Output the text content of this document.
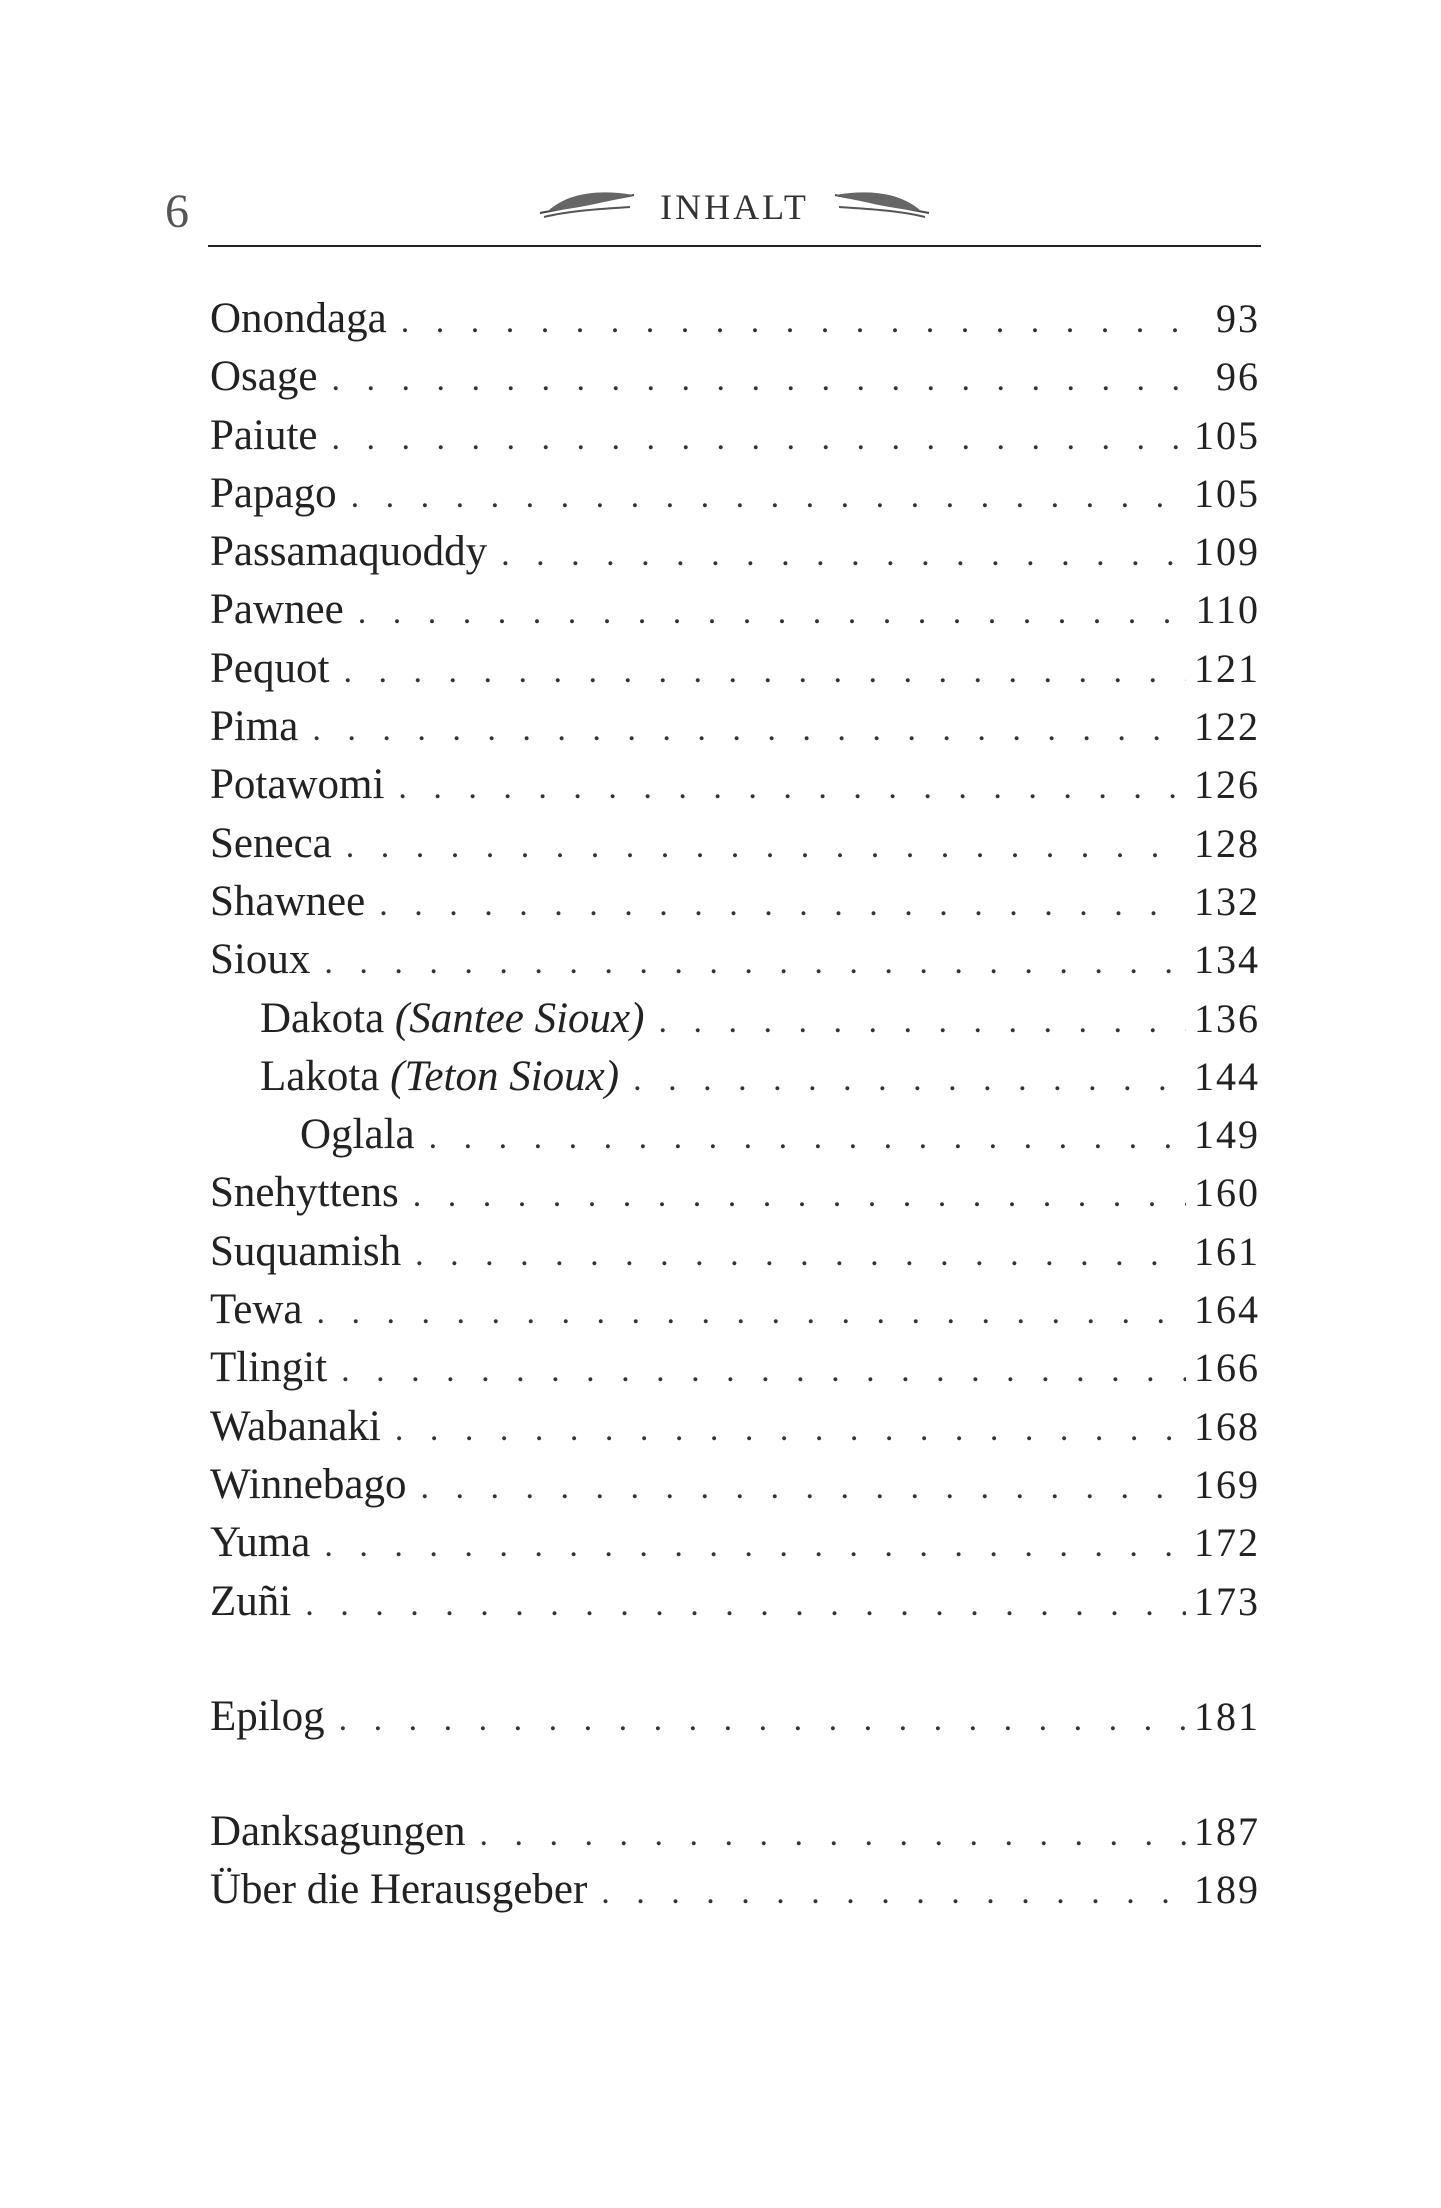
6	INHALT
Onondaga . . .	93
Osage . . .	96
Paiute . . .	105
Papago . . .	105
Passamaquoddy . . .	109
Pawnee . . .	110
Pequot . . .	121
Pima . . .	122
Potawomi . . .	126
Seneca . . .	128
Shawnee . . .	132
Sioux . . .	134
Dakota (Santee Sioux) . . .	136
Lakota (Teton Sioux) . . .	144
Oglala . . .	149
Snehyttens . . .	160
Suquamish . . .	161
Tewa . . .	164
Tlingit . . .	166
Wabanaki . . .	168
Winnebago . . .	169
Yuma . . .	172
Zuñi . . .	173
Epilog . . .	181
Danksagungen . . .	187
Über die Herausgeber . . .	189
